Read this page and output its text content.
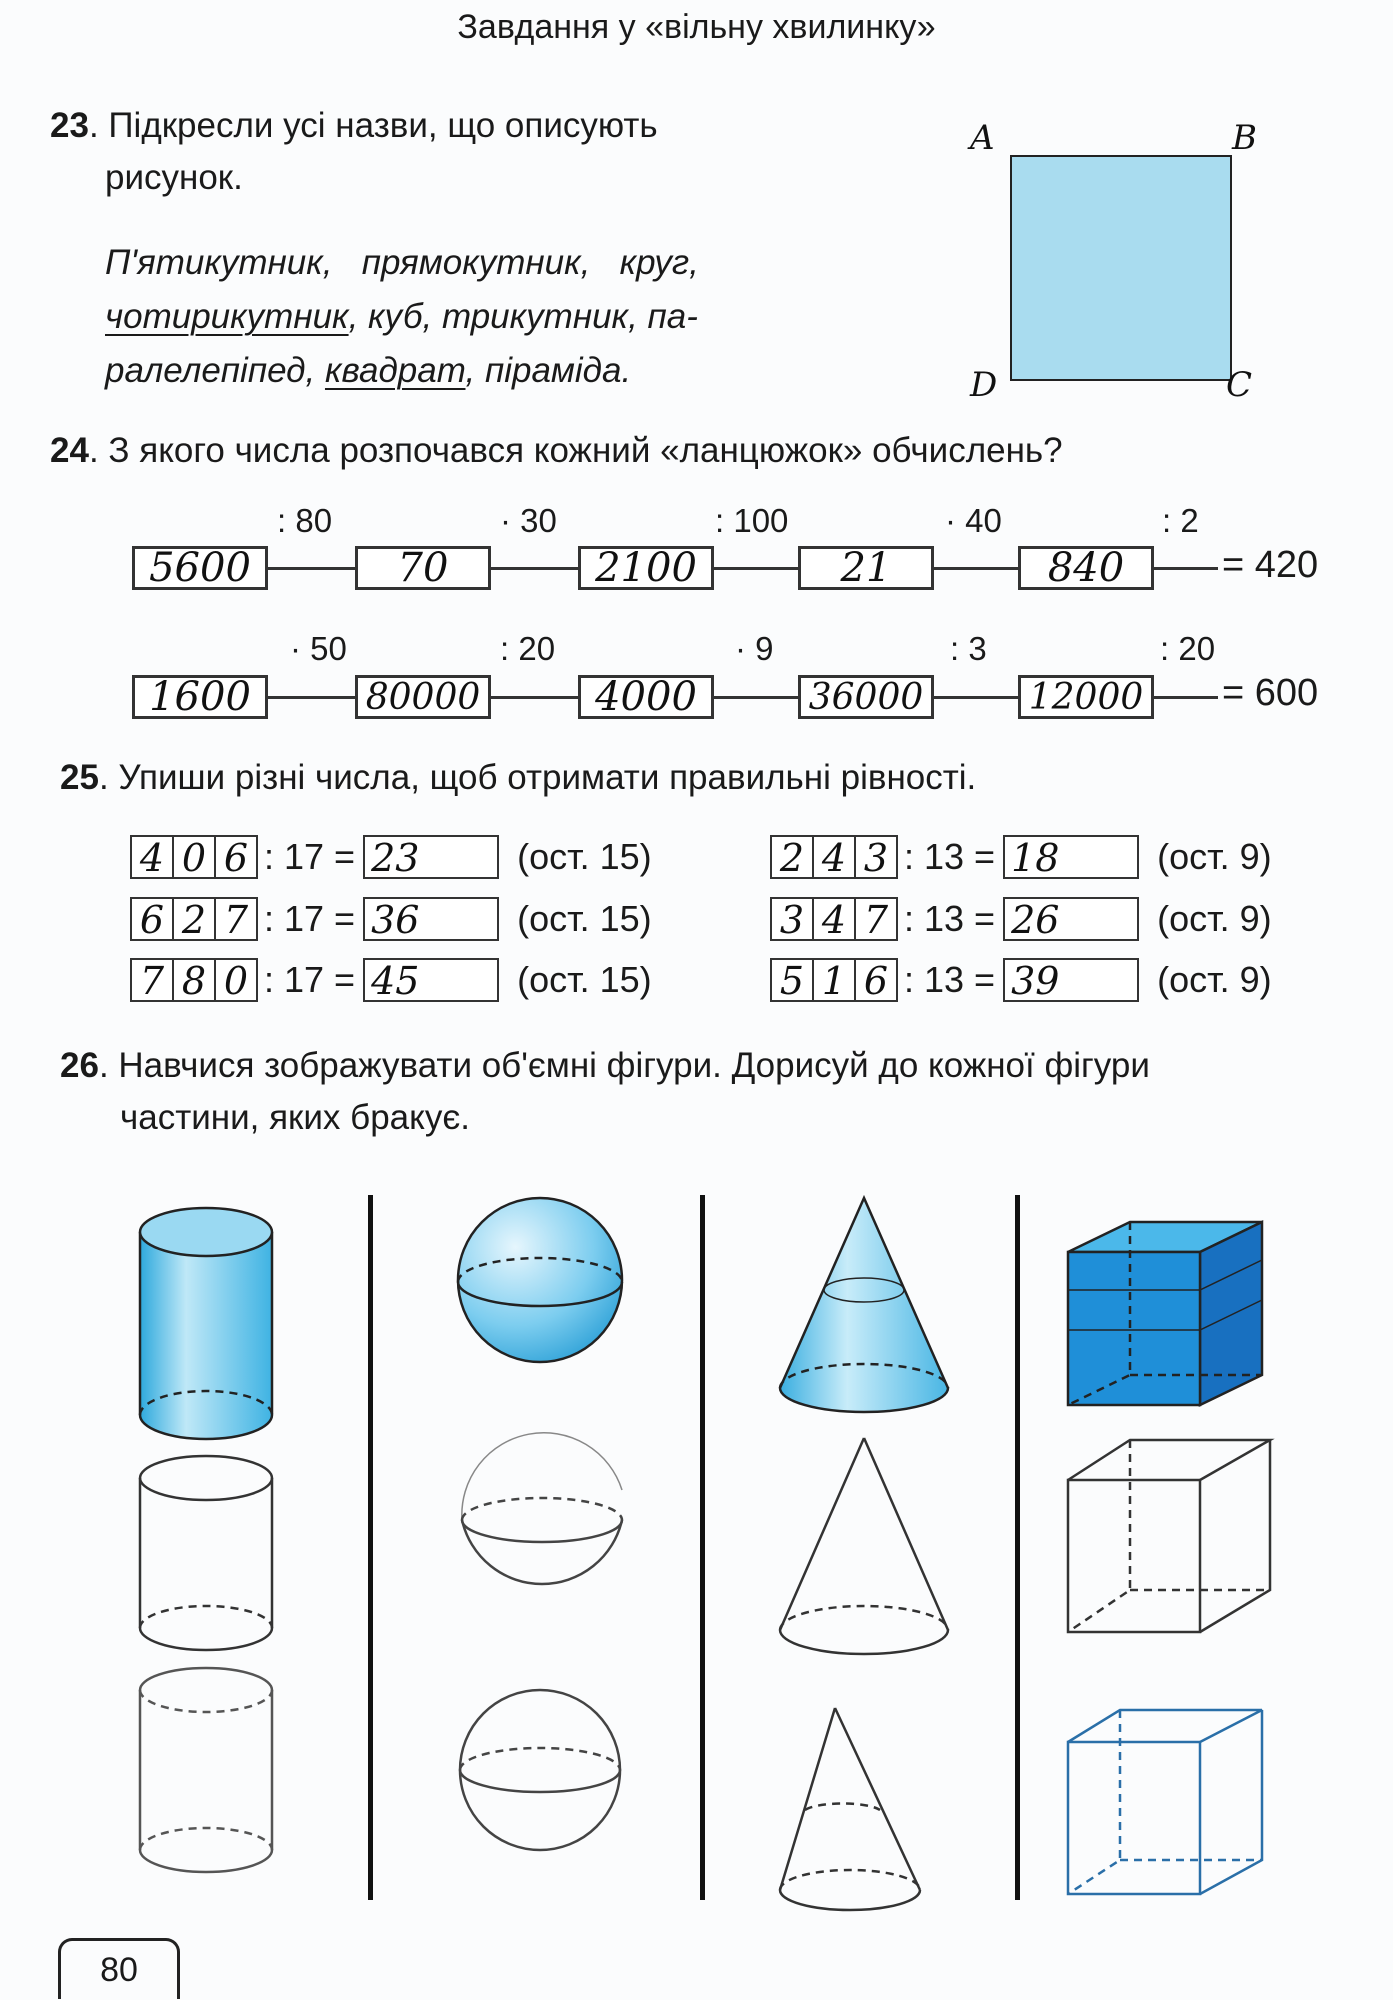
Завдання у «вільну хвилинку»
23. Підкресли усі назви, що описують
рисунок.
П'ятикутник, прямокутник, круг,
чотирикутник, куб, трикутник, па-
ралелепіпед, квадрат, піраміда.
A	B
C
D
24. З якого числа розпочався кожний «ланцюжок» обчислень?
: 80	· 30	: 100	· 40	: 2
5600	70	2100	21	840	= 420
· 50	: 20	· 9	: 3	: 20
1600	80000	4000	36000	12000 = 600
25. Упиши різні числа, щоб отримати правильні рівності.
4 0 6 : 17 = 23	(ост. 15)
6 2 7 : 17 = 36	(ост. 15)
7 8 0 : 17 = 45	(ост. 15)
2 4 3 : 13 = 18	(ост. 9)
3 4 7 : 13 = 26	(ост. 9)
5 1 6 : 13 = 39	(ост. 9)
26. Навчися зображувати об'ємні фігури. Дорисуй до кожної фігури
частини, яких бракує.
80
